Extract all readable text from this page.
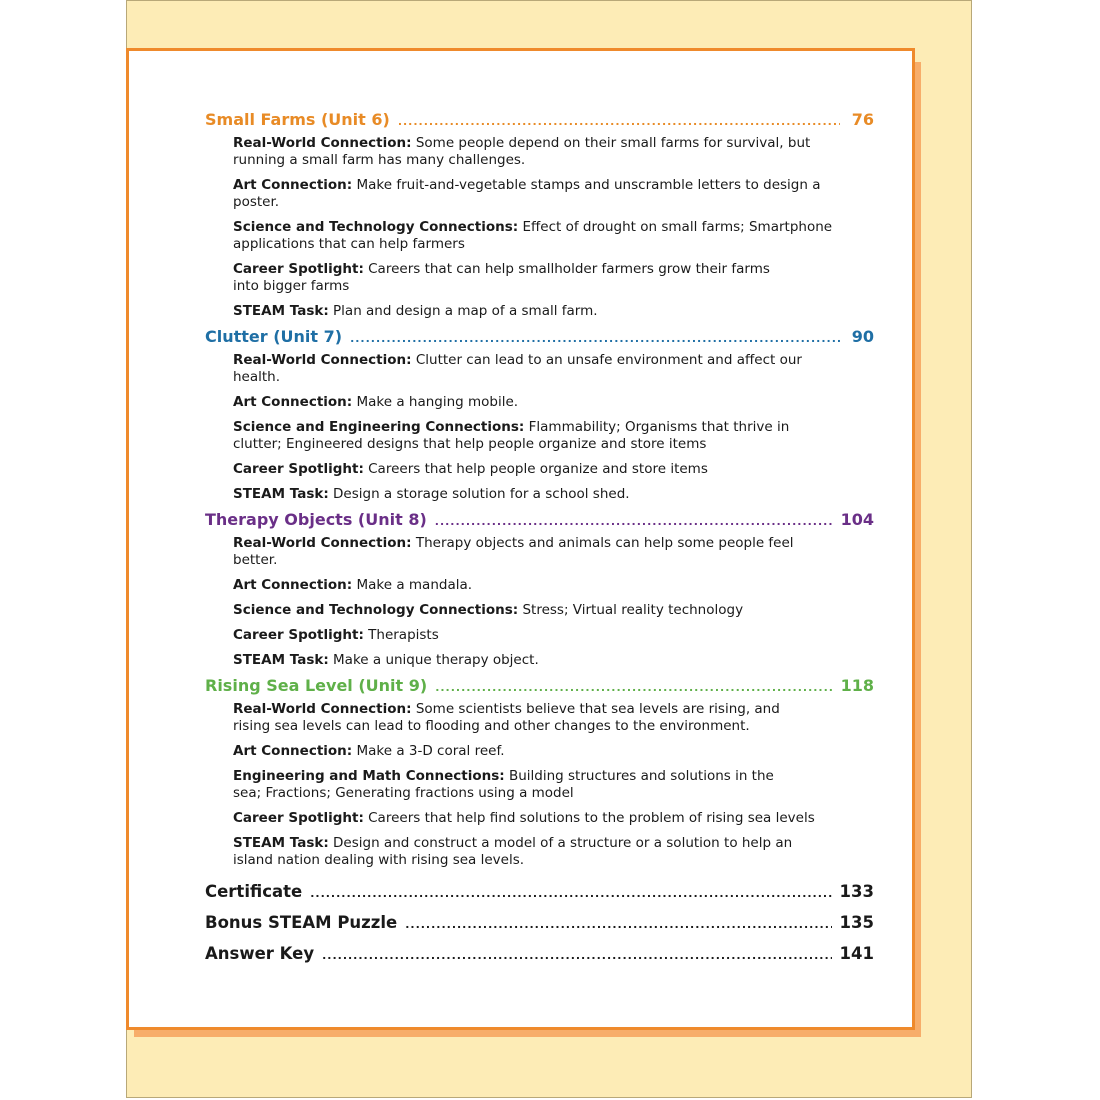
Small Farms (Unit 6) .....	76
Real-World Connection: Some people depend on their small farms for survival, but running a small farm has many challenges.
Art Connection: Make fruit-and-vegetable stamps and unscramble letters to design a poster.
Science and Technology Connections: Effect of drought on small farms; Smartphone applications that can help farmers
Career Spotlight: Careers that can help smallholder farmers grow their farms into bigger farms
STEAM Task: Plan and design a map of a small farm.
Clutter (Unit 7) .....	90
Real-World Connection: Clutter can lead to an unsafe environment and affect our health.
Art Connection: Make a hanging mobile.
Science and Engineering Connections: Flammability; Organisms that thrive in clutter; Engineered designs that help people organize and store items
Career Spotlight: Careers that help people organize and store items
STEAM Task: Design a storage solution for a school shed.
Therapy Objects (Unit 8) .....	104
Real-World Connection: Therapy objects and animals can help some people feel better.
Art Connection: Make a mandala.
Science and Technology Connections: Stress; Virtual reality technology
Career Spotlight: Therapists
STEAM Task: Make a unique therapy object.
Rising Sea Level (Unit 9) .....	118
Real-World Connection: Some scientists believe that sea levels are rising, and rising sea levels can lead to flooding and other changes to the environment.
Art Connection: Make a 3-D coral reef.
Engineering and Math Connections: Building structures and solutions in the sea; Fractions; Generating fractions using a model
Career Spotlight: Careers that help find solutions to the problem of rising sea levels
STEAM Task: Design and construct a model of a structure or a solution to help an island nation dealing with rising sea levels.
Certificate .....	133
Bonus STEAM Puzzle .....	135
Answer Key .....	141
